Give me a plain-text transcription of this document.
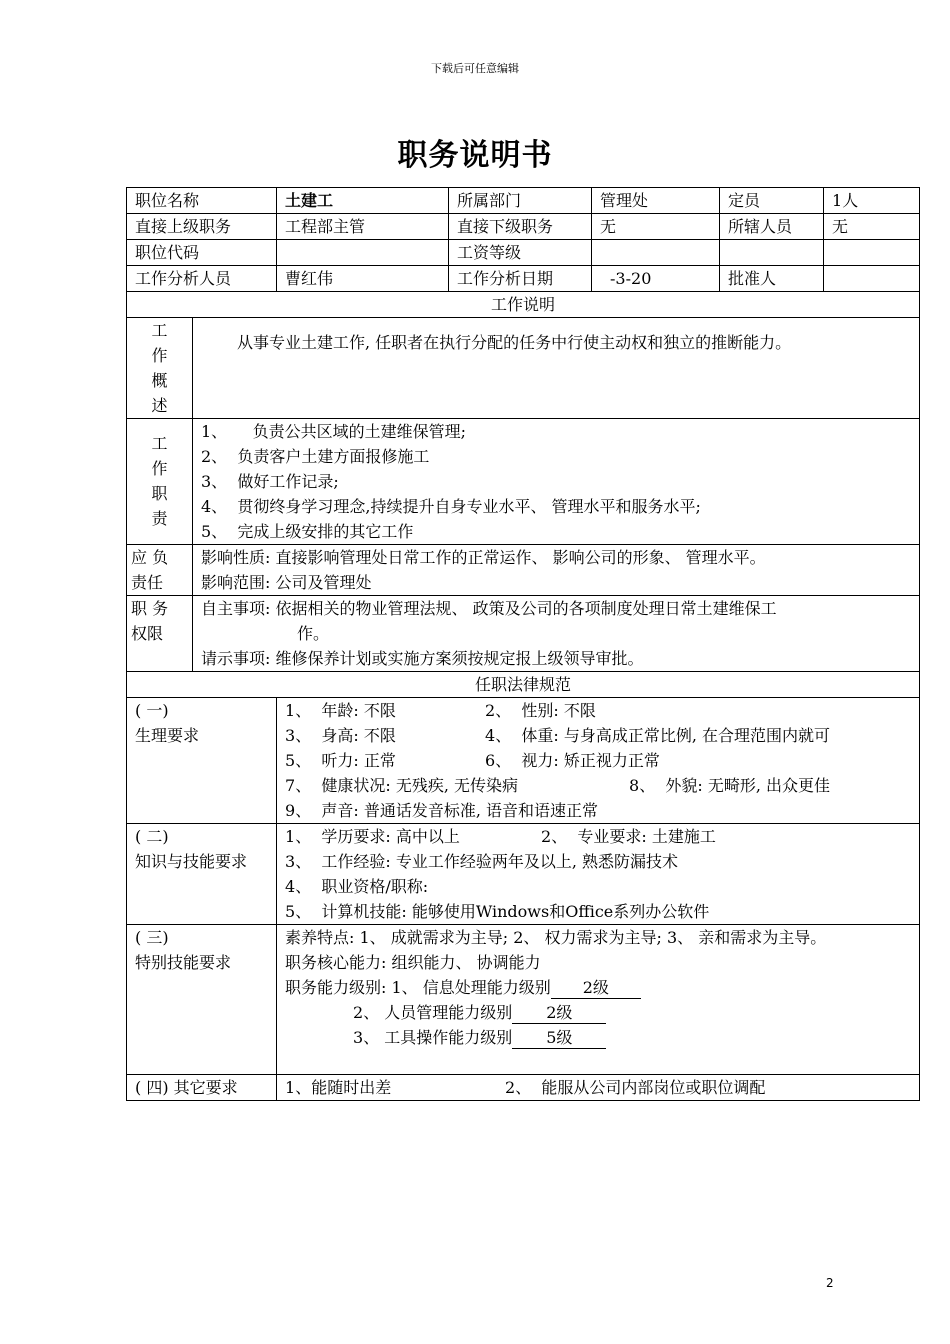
下载后可任意编辑
职务说明书
职位名称		土建工	所属部门	管理处	定员	1人
直接上级职务		工程部主管	直接下级职务	无	所辖人员	无
职位代码			工资等级			
工作分析人员		曹红伟	工作分析日期	-3-20	批准人	
工作说明						

工作概述	从事专业土建工作, 任职者在执行分配的任务中行使主动权和独立的推断能力。					

工作职责	1、     负责公共区域的土建维保管理;
2、  负责客户土建方面报修施工
3、  做好工作记录;
4、  贯彻终身学习理念,持续提升自身专业水平、 管理水平和服务水平;
5、  完成上级安排的其它工作					

应 负
责任	影响性质: 直接影响管理处日常工作的正常运作、 影响公司的形象、 管理水平。
影响范围: 公司及管理处					

职 务
权限	自主事项: 依据相关的物业管理法规、 政策及公司的各项制度处理日常土建维保工
作。
请示事项: 维修保养计划或实施方案须按规定报上级领导审批。					

任职法律规范						

( 一)
生理要求		1、  年龄: 不限 2、  性别: 不限
3、  身高: 不限 4、  体重: 与身高成正常比例, 在合理范围内就可
5、  听力: 正常 6、  视力: 矫正视力正常
7、  健康状况: 无残疾, 无传染病 8、  外貌: 无畸形, 出众更佳
9、  声音: 普通话发音标准, 语音和语速正常				

( 二)
知识与技能要求		1、  学历要求: 高中以上 2、  专业要求: 土建施工
3、  工作经验: 专业工作经验两年及以上, 熟悉防漏技术
4、  职业资格/职称:
5、  计算机技能: 能够使用Windows和Office系列办公软件				

( 三)
特别技能要求		素养特点: 1、 成就需求为主导; 2、 权力需求为主导; 3、 亲和需求为主导。
职务核心能力: 组织能力、 协调能力
职务能力级别: 1、 信息处理能力级别 2级
2、 人员管理能力级别 2级
3、 工具操作能力级别 5级				

( 四) 其它要求		1、能随时出差 2、  能服从公司内部岗位或职位调配				
2
